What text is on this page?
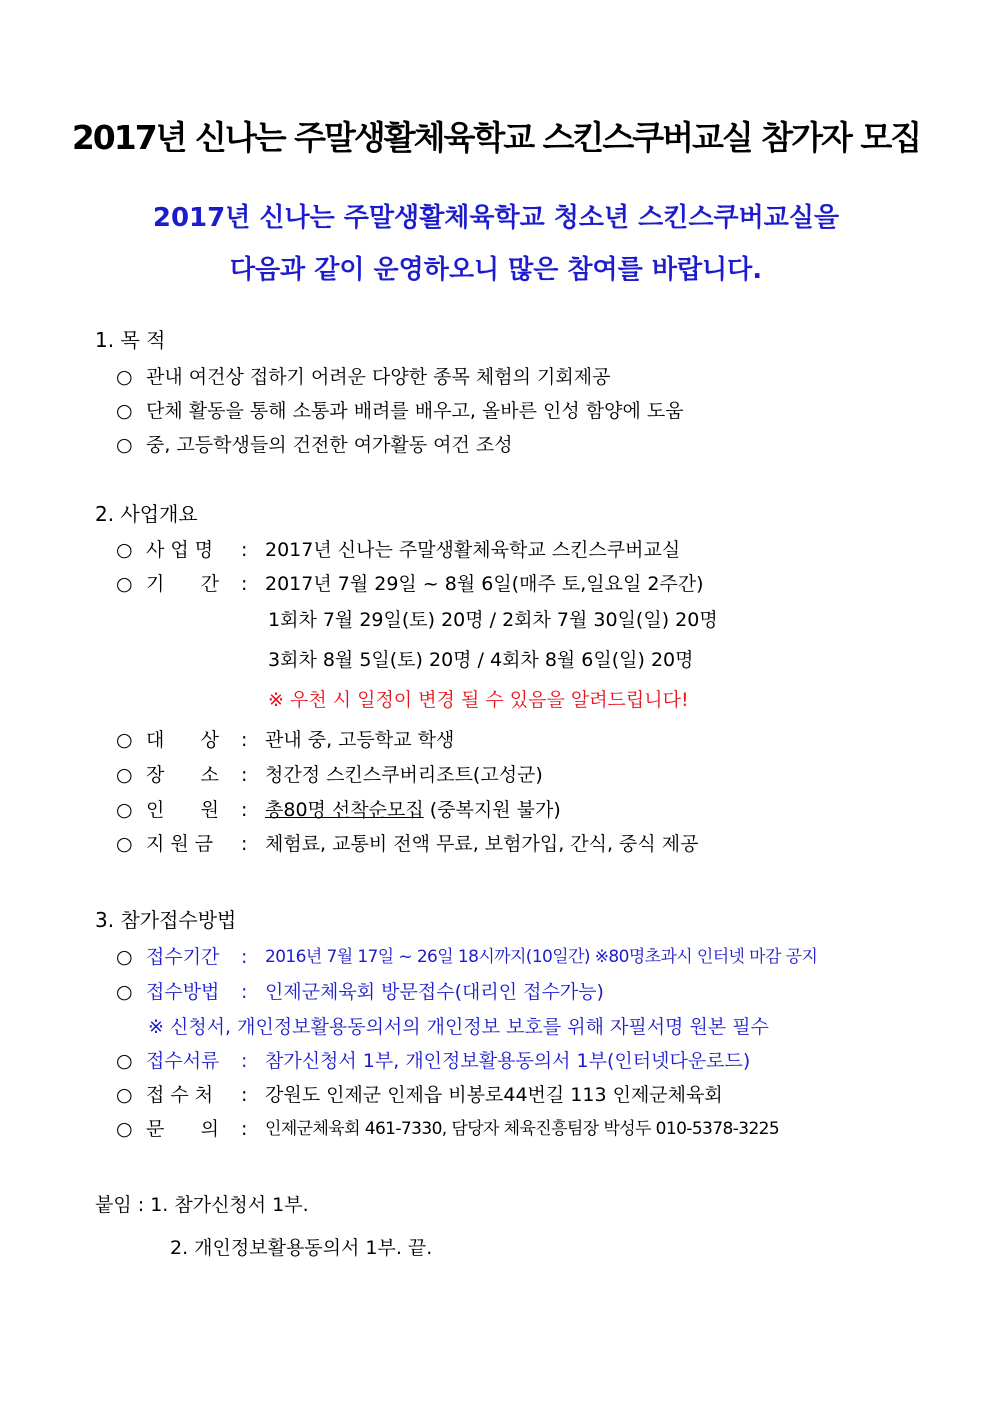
2017년 신나는 주말생활체육학교 스킨스쿠버교실 참가자 모집
2017년 신나는 주말생활체육학교 청소년 스킨스쿠버교실을
다음과 같이 운영하오니 많은 참여를 바랍니다.
1. 목 적
○ 관내 여건상 접하기 어려운 다양한 종목 체험의 기회제공
○ 단체 활동을 통해 소통과 배려를 배우고, 올바른 인성 함양에 도움
○ 중, 고등학생들의 건전한 여가활동 여건 조성
2. 사업개요
○ 사 업 명 : 2017년 신나는 주말생활체육학교 스킨스쿠버교실
○ 기      간 : 2017년 7월 29일 ~ 8월 6일(매주 토,일요일 2주간)
1회차 7월 29일(토) 20명 / 2회차 7월 30일(일) 20명
3회차 8월 5일(토) 20명 / 4회차 8월 6일(일) 20명
※ 우천 시 일정이 변경 될 수 있음을 알려드립니다!
○ 대      상 : 관내 중, 고등학교 학생
○ 장      소 : 청간정 스킨스쿠버리조트(고성군)
○ 인      원 : 총80명 선착순모집 (중복지원 불가)
○ 지 원 금 : 체험료, 교통비 전액 무료, 보험가입, 간식, 중식 제공
3. 참가접수방법
○ 접수기간 : 2016년 7월 17일 ~ 26일 18시까지(10일간) ※80명초과시 인터넷 마감 공지
○ 접수방법 : 인제군체육회 방문접수(대리인 접수가능)
※ 신청서, 개인정보활용동의서의 개인정보 보호를 위해 자필서명 원본 필수
○ 접수서류 : 참가신청서 1부, 개인정보활용동의서 1부(인터넷다운로드)
○ 접 수 처 : 강원도 인제군 인제읍 비봉로44번길 113 인제군체육회
○ 문      의 : 인제군체육회 461-7330, 담당자 체육진흥팀장 박성두 010-5378-3225
붙임 : 1. 참가신청서 1부.
2. 개인정보활용동의서 1부. 끝.
